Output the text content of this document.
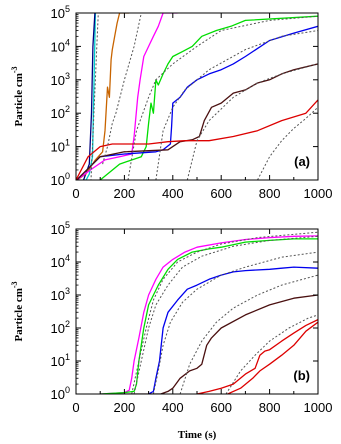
0	200 400 600 800 1000
$10^0$
$10^1$
$10^2$
$10^3$
$10^4$
$10^5$
(a)
Particle $cm^{-3}$
0	200 400 600 800 1000
$10^0$
$10^1$
$10^2$
$10^3$
$10^4$
$10^5$
(b)
Particle $cm^{-3}$
Time (s)
